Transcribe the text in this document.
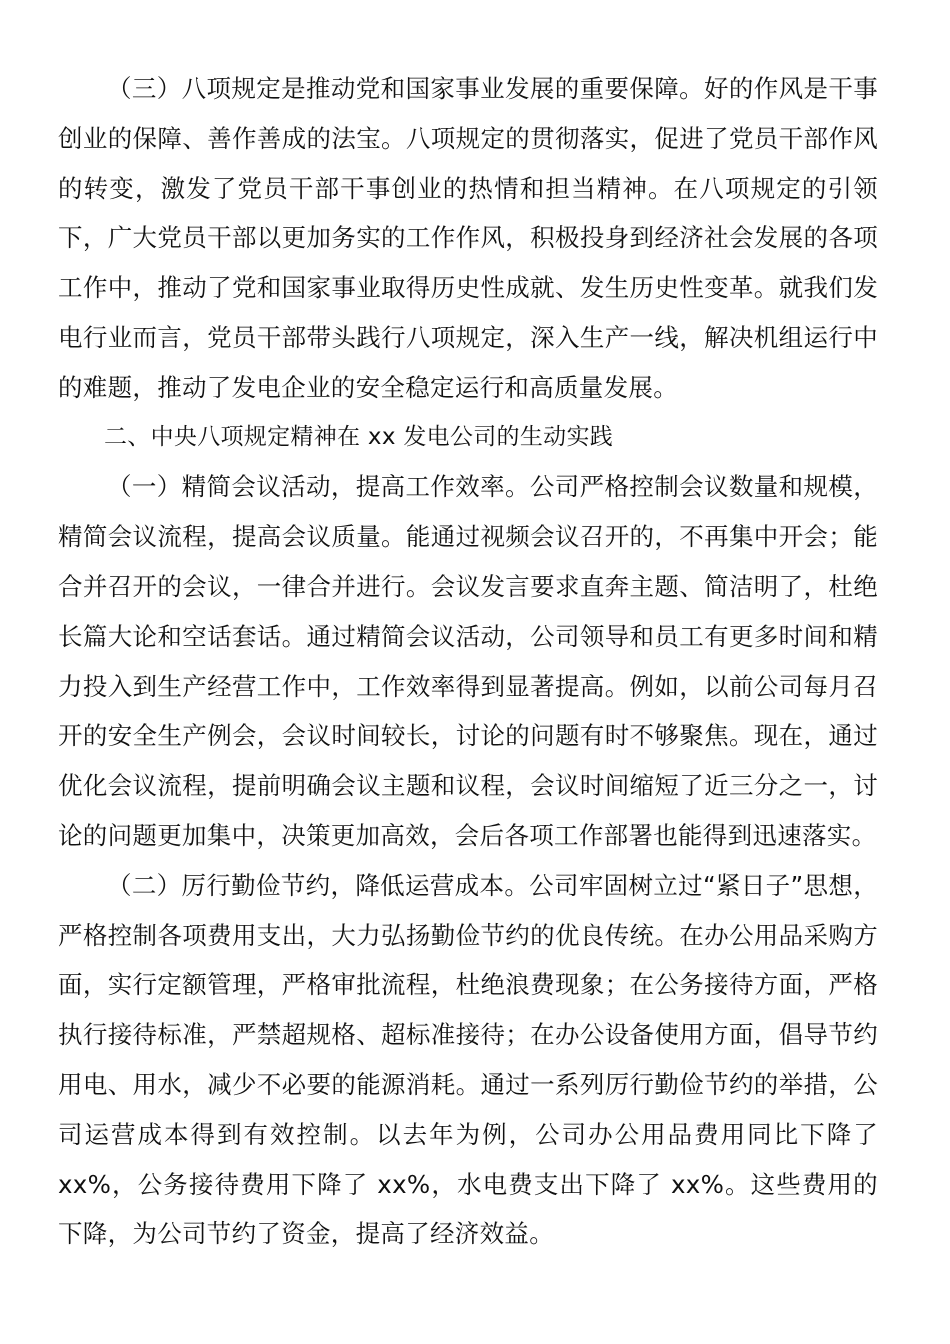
（三）八项规定是推动党和国家事业发展的重要保障。好的作风是干事创业的保障、善作善成的法宝。八项规定的贯彻落实，促进了党员干部作风的转变，激发了党员干部干事创业的热情和担当精神。在八项规定的引领下，广大党员干部以更加务实的工作作风，积极投身到经济社会发展的各项工作中，推动了党和国家事业取得历史性成就、发生历史性变革。就我们发电行业而言，党员干部带头践行八项规定，深入生产一线，解决机组运行中的难题，推动了发电企业的安全稳定运行和高质量发展。

二、中央八项规定精神在 xx 发电公司的生动实践

（一）精简会议活动，提高工作效率。公司严格控制会议数量和规模，精简会议流程，提高会议质量。能通过视频会议召开的，不再集中开会；能合并召开的会议，一律合并进行。会议发言要求直奔主题、简洁明了，杜绝长篇大论和空话套话。通过精简会议活动，公司领导和员工有更多时间和精力投入到生产经营工作中，工作效率得到显著提高。例如，以前公司每月召开的安全生产例会，会议时间较长，讨论的问题有时不够聚焦。现在，通过优化会议流程，提前明确会议主题和议程，会议时间缩短了近三分之一，讨论的问题更加集中，决策更加高效，会后各项工作部署也能得到迅速落实。

（二）厉行勤俭节约，降低运营成本。公司牢固树立过“紧日子”思想，严格控制各项费用支出，大力弘扬勤俭节约的优良传统。在办公用品采购方面，实行定额管理，严格审批流程，杜绝浪费现象；在公务接待方面，严格执行接待标准，严禁超规格、超标准接待；在办公设备使用方面，倡导节约用电、用水，减少不必要的能源消耗。通过一系列厉行勤俭节约的举措，公司运营成本得到有效控制。以去年为例，公司办公用品费用同比下降了 xx%，公务接待费用下降了 xx%，水电费支出下降了 xx%。这些费用的下降，为公司节约了资金，提高了经济效益。
